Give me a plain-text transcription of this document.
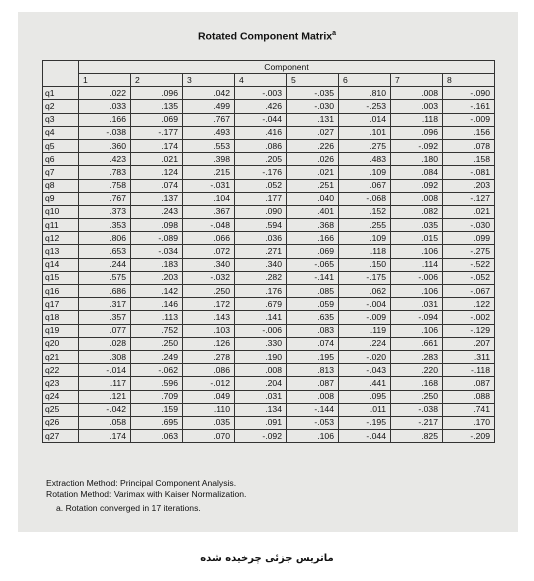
Rotated Component Matrix$^a$
	Component							
	1	2	3	4	5	6	7	8
q1	.022	.096	.042	-.003	-.035	.810	.008	-.090
q2	.033	.135	.499	.426	-.030	-.253	.003	-.161
q3	.166	.069	.767	-.044	.131	.014	.118	-.009
q4	-.038	-.177	.493	.416	.027	.101	.096	.156
q5	.360	.174	.553	.086	.226	.275	-.092	.078
q6	.423	.021	.398	.205	.026	.483	.180	.158
q7	.783	.124	.215	-.176	.021	.109	.084	-.081
q8	.758	.074	-.031	.052	.251	.067	.092	.203
q9	.767	.137	.104	.177	.040	-.068	.008	-.127
q10	.373	.243	.367	.090	.401	.152	.082	.021
q11	.353	.098	-.048	.594	.368	.255	.035	-.030
q12	.806	-.089	.066	.036	.166	.109	.015	.099
q13	.653	-.034	.072	.271	.069	.118	.106	-.275
q14	.244	.183	.340	.340	-.065	.150	.114	-.522
q15	.575	.203	-.032	.282	-.141	-.175	-.006	-.052
q16	.686	.142	.250	.176	.085	.062	.106	-.067
q17	.317	.146	.172	.679	.059	-.004	.031	.122
q18	.357	.113	.143	.141	.635	-.009	-.094	-.002
q19	.077	.752	.103	-.006	.083	.119	.106	-.129
q20	.028	.250	.126	.330	.074	.224	.661	.207
q21	.308	.249	.278	.190	.195	-.020	.283	.311
q22	-.014	-.062	.086	.008	.813	-.043	.220	-.118
q23	.117	.596	-.012	.204	.087	.441	.168	.087
q24	.121	.709	.049	.031	.008	.095	.250	.088
q25	-.042	.159	.110	.134	-.144	.011	-.038	.741
q26	.058	.695	.035	.091	-.053	-.195	-.217	.170
q27	.174	.063	.070	-.092	.106	-.044	.825	-.209
Extraction Method: Principal Component Analysis.
Rotation Method: Varimax with Kaiser Normalization.
a. Rotation converged in 17 iterations.
ماتریس جزئی چرخیده شده
